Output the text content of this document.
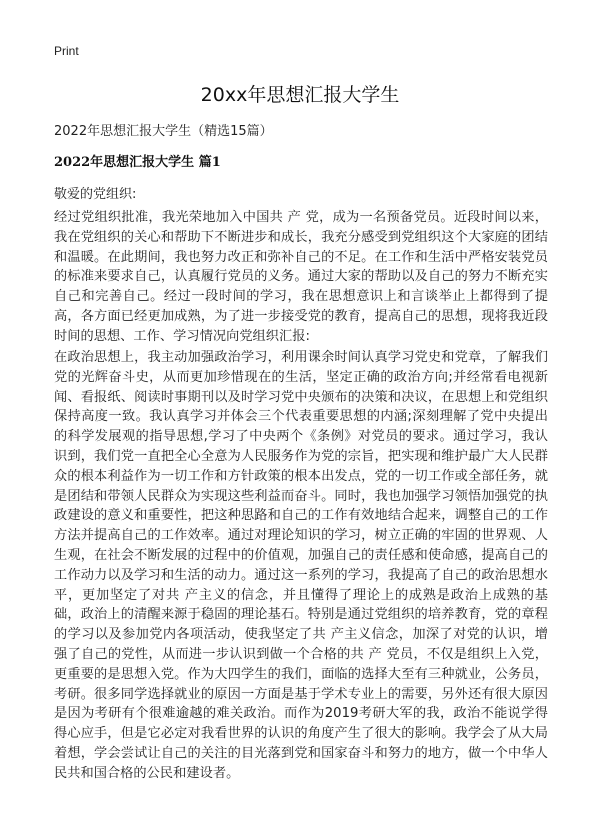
Print
20xx年思想汇报大学生
2022年思想汇报大学生（精选15篇）
2022年思想汇报大学生 篇1
敬爱的党组织:

经过党组织批准，我光荣地加入中国共 产 党，成为一名预备党员。近段时间以来，我在党组织的关心和帮助下不断进步和成长，我充分感受到党组织这个大家庭的团结和温暖。在此期间，我也努力改正和弥补自己的不足。在工作和生活中严格安装党员的标准来要求自己，认真履行党员的义务。通过大家的帮助以及自己的努力不断充实自己和完善自己。经过一段时间的学习，我在思想意识上和言谈举止上都得到了提高，各方面已经更加成熟，为了进一步接受党的教育，提高自己的思想，现将我近段时间的思想、工作、学习情况向党组织汇报:

在政治思想上，我主动加强政治学习，利用课余时间认真学习党史和党章，了解我们党的光辉奋斗史，从而更加珍惜现在的生活，坚定正确的政治方向;并经常看电视新闻、看报纸、阅读时事期刊以及时学习党中央颁布的决策和决议，在思想上和党组织保持高度一致。我认真学习并体会三个代表重要思想的内涵;深刻理解了党中央提出的科学发展观的指导思想,学习了中央两个《条例》对党员的要求。通过学习，我认识到，我们党一直把全心全意为人民服务作为党的宗旨，把实现和维护最广大人民群众的根本利益作为一切工作和方针政策的根本出发点，党的一切工作或全部任务，就是团结和带领人民群众为实现这些利益而奋斗。同时，我也加强学习领悟加强党的执政建设的意义和重要性，把这种思路和自己的工作有效地结合起来，调整自己的工作方法并提高自己的工作效率。通过对理论知识的学习，树立正确的牢固的世界观、人生观，在社会不断发展的过程中的价值观，加强自己的责任感和使命感，提高自己的工作动力以及学习和生活的动力。通过这一系列的学习，我提高了自己的政治思想水平，更加坚定了对共 产主义的信念，并且懂得了理论上的成熟是政治上成熟的基础，政治上的清醒来源于稳固的理论基石。特别是通过党组织的培养教育，党的章程的学习以及参加党内各项活动，使我坚定了共 产主义信念，加深了对党的认识，增强了自己的党性，从而进一步认识到做一个合格的共 产 党员，不仅是组织上入党，更重要的是思想入党。作为大四学生的我们，面临的选择大至有三种就业，公务员，考研。很多同学选择就业的原因一方面是基于学术专业上的需要，另外还有很大原因是因为考研有个很难逾越的难关政治。而作为2019考研大军的我，政治不能说学得得心应手，但是它必定对我看世界的认识的角度产生了很大的影响。我学会了从大局着想，学会尝试让自己的关注的目光落到党和国家奋斗和努力的地方，做一个中华人民共和国合格的公民和建设者。
